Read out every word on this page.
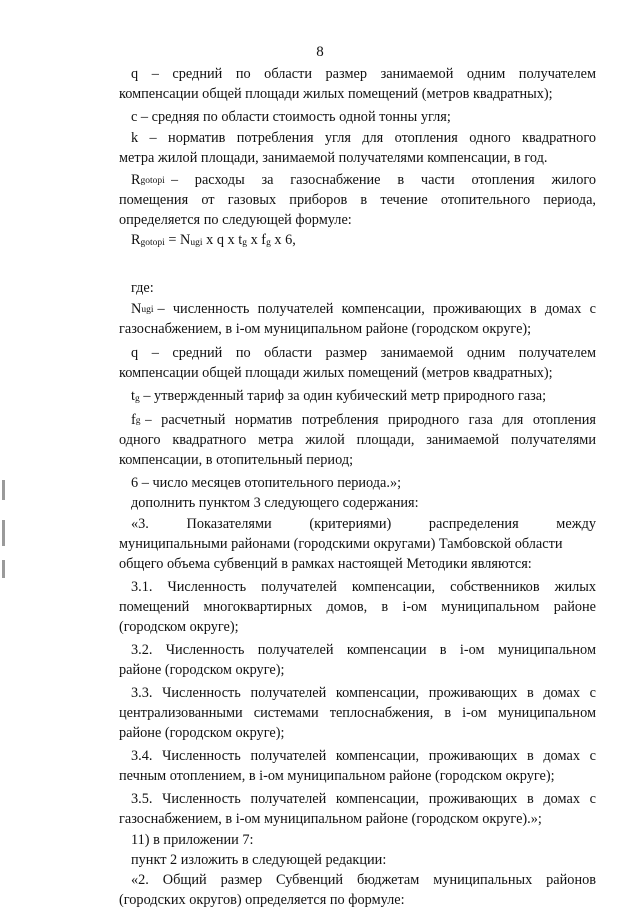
8
q – средний по области размер занимаемой одним получателем
компенсации общей площади жилых помещений (метров квадратных);
с – средняя по области стоимость одной тонны угля;
k – норматив потребления угля для отопления одного квадратного
метра жилой площади, занимаемой получателями компенсации, в год.
R gotopi – расходы за газоснабжение в части отопления жилого
помещения от газовых приборов в течение отопительного периода,
определяется по следующей формуле:
Rgotopi = Nugi x q x tg x fg x 6,
где:
N ugi – численность получателей компенсации, проживающих в домах с
газоснабжением, в i-ом муниципальном районе (городском округе);
q – средний по области размер занимаемой одним получателем
компенсации общей площади жилых помещений (метров квадратных);
tg – утвержденный тариф за один кубический метр природного газа;
f g – расчетный норматив потребления природного газа для отопления
одного квадратного метра жилой площади, занимаемой получателями
компенсации, в отопительный период;
6 – число месяцев отопительного периода.»;
дополнить пунктом 3 следующего содержания:
«3. Показателями (критериями) распределения между
муниципальными районами (городскими округами) Тамбовской области
общего объема субвенций в рамках настоящей Методики являются:
3.1. Численность получателей компенсации, собственников жилых
помещений многоквартирных домов, в i-ом муниципальном районе
(городском округе);
3.2. Численность получателей компенсации в i-ом муниципальном
районе (городском округе);
3.3. Численность получателей компенсации, проживающих в домах с
централизованными системами теплоснабжения, в i-ом муниципальном
районе (городском округе);
3.4. Численность получателей компенсации, проживающих в домах с
печным отоплением, в i-ом муниципальном районе (городском округе);
3.5. Численность получателей компенсации, проживающих в домах с
газоснабжением, в i-ом муниципальном районе (городском округе).»;
11) в приложении 7:
пункт 2 изложить в следующей редакции:
«2. Общий размер Субвенций бюджетам муниципальных районов
(городских округов) определяется по формуле:
